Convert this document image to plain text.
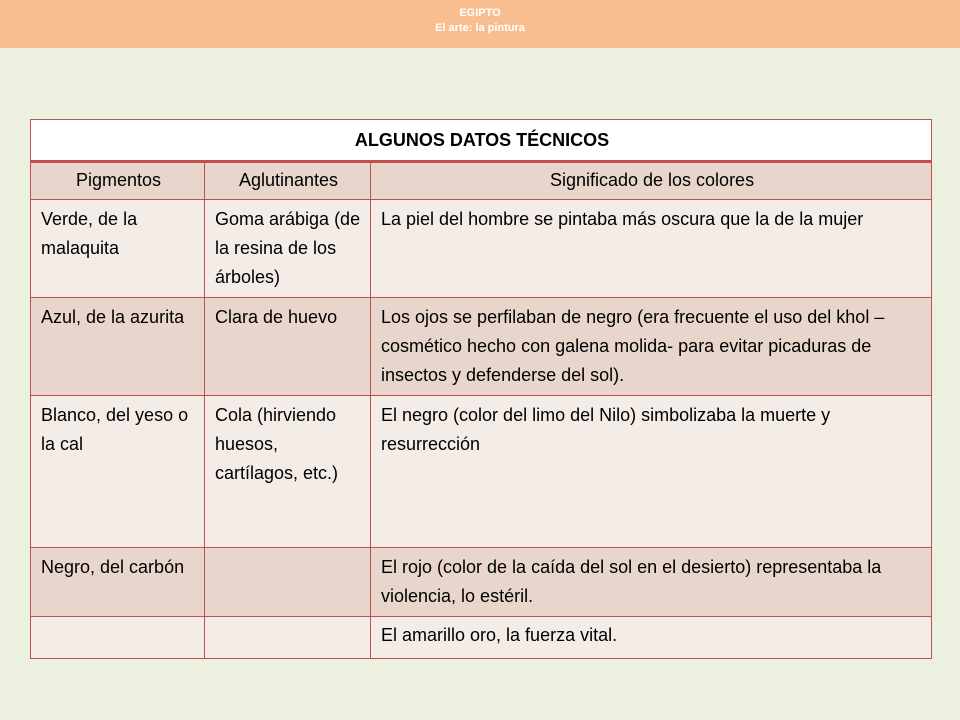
EGIPTO
El arte: la pintura
ALGUNOS DATOS TÉCNICOS		
Pigmentos	Aglutinantes	Significado de los colores
Verde, de la malaquita	Goma arábiga (de la resina de los árboles)	La piel del hombre se pintaba más oscura que la de la mujer
Azul, de la azurita	Clara de huevo	Los ojos se perfilaban de negro (era frecuente el uso del khol –cosmético hecho con galena molida- para evitar picaduras de insectos y defenderse del sol).
Blanco, del yeso o la cal	Cola (hirviendo huesos, cartílagos, etc.)	El negro (color del limo del Nilo) simbolizaba la muerte y resurrección
Negro, del carbón		El rojo (color de la caída del sol en el desierto) representaba la violencia, lo estéril.
		El amarillo oro, la fuerza vital.
